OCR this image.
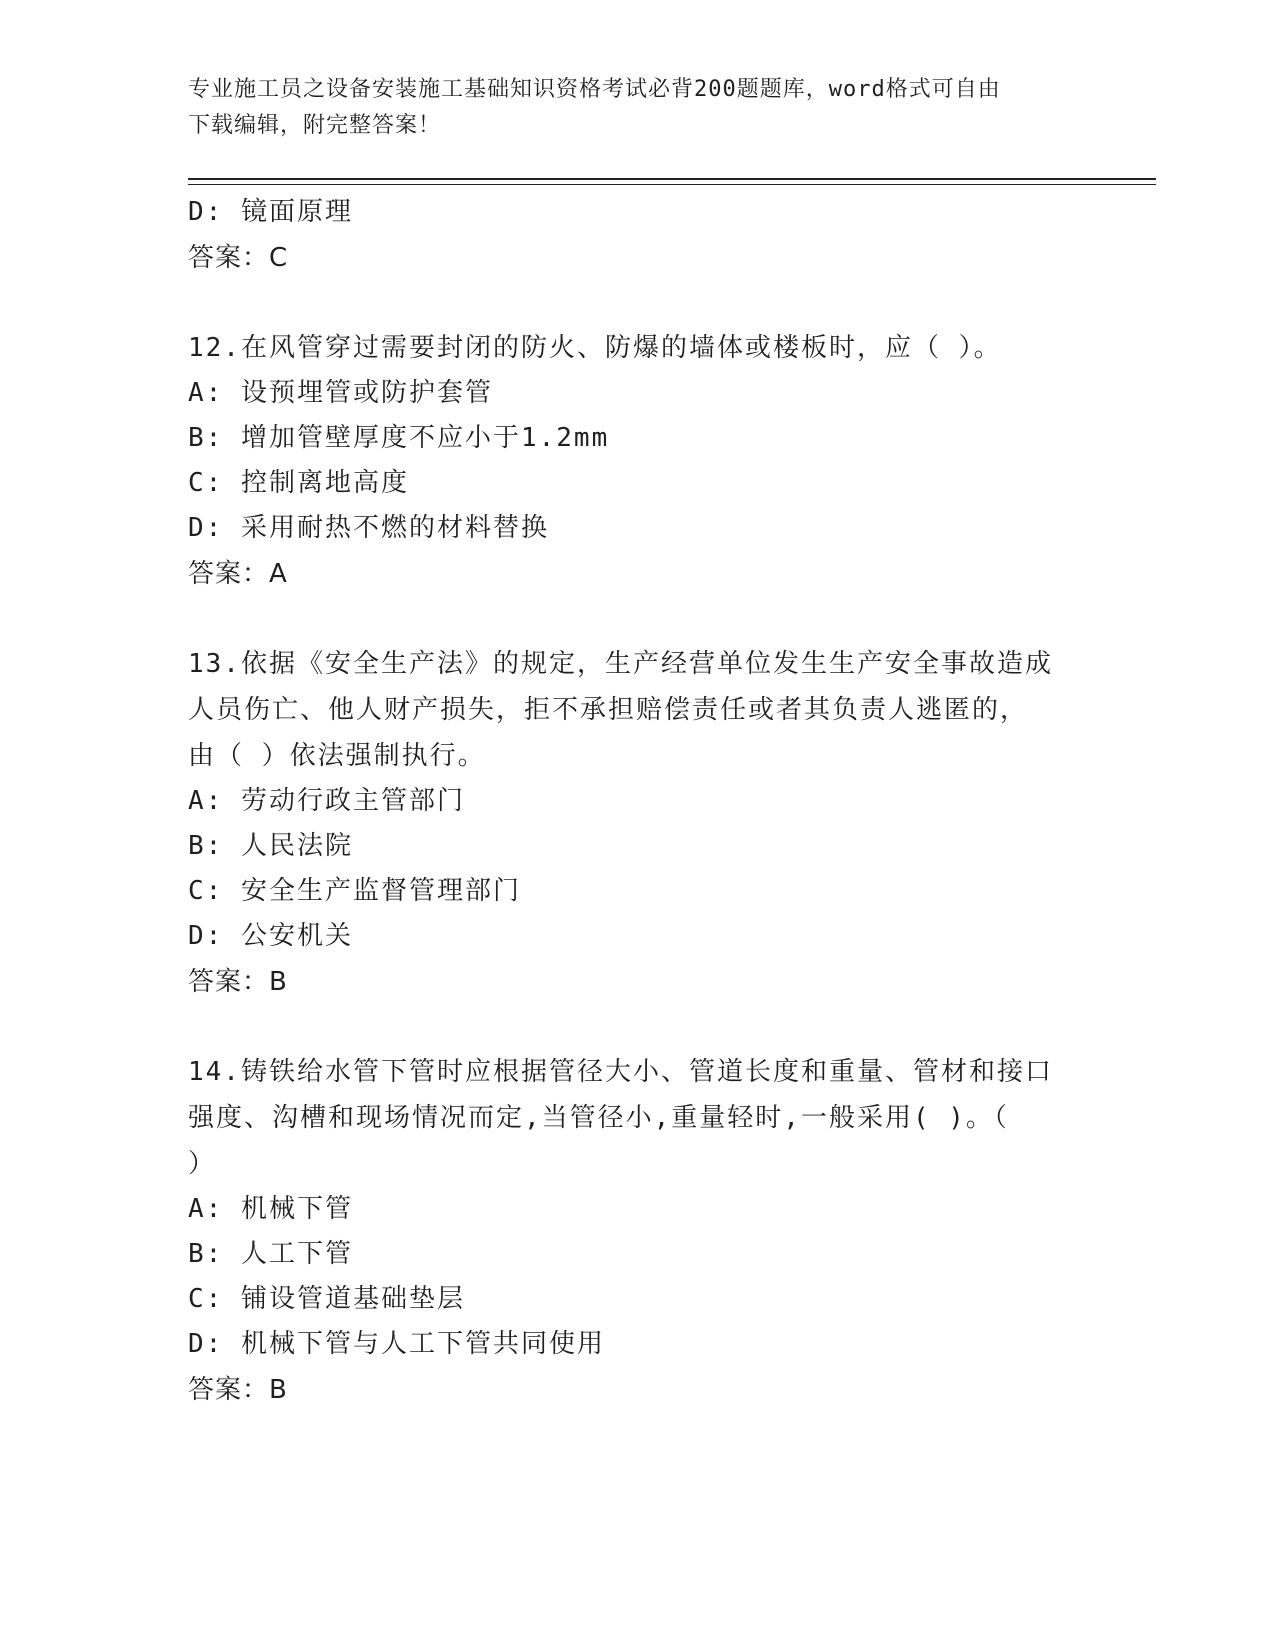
专业施工员之设备安装施工基础知识资格考试必背200题题库，word格式可自由
下载编辑，附完整答案！
D: 镜面原理
答案：C
12.在风管穿过需要封闭的防火、防爆的墙体或楼板时，应（ ）。
A: 设预埋管或防护套管
B: 增加管壁厚度不应小于1.2mm
C: 控制离地高度
D: 采用耐热不燃的材料替换
答案：A
13.依据《安全生产法》的规定，生产经营单位发生生产安全事故造成
人员伤亡、他人财产损失，拒不承担赔偿责任或者其负责人逃匿的，
由（ ）依法强制执行。
A: 劳动行政主管部门
B: 人民法院
C: 安全生产监督管理部门
D: 公安机关
答案：B
14.铸铁给水管下管时应根据管径大小、管道长度和重量、管材和接口
强度、沟槽和现场情况而定,当管径小,重量轻时,一般采用( )。（
）
A: 机械下管
B: 人工下管
C: 铺设管道基础垫层
D: 机械下管与人工下管共同使用
答案：B
